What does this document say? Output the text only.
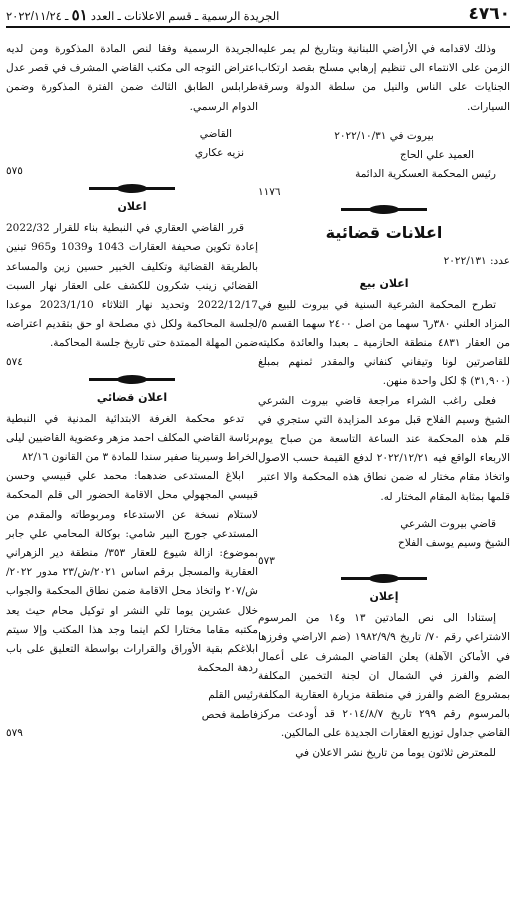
٤٧٦٠
الجريدة الرسمية ـ قسم الاعلانات ـ العدد ٥١ ـ ٢٠٢٢/١١/٢٤

وذلك لاقدامه في الأراضي اللبنانية وبتاريخ لم يمر عليه الزمن على الانتماء الى تنظيم إرهابي مسلح بقصد ارتكاب الجنايات على الناس والنيل من سلطة الدولة وسرقة السيارات.

بيروت في ٢٠٢٢/١٠/٣١

العميد علي الحاج

رئيس المحكمة العسكرية الدائمة

١١٧٦

اعلانات قضائية

عدد: ٢٠٢٢/١٣١

اعلان بيع

تطرح المحكمة الشرعية السنية في بيروت للبيع في المزاد العلني ٣٨٠ر٦ سهما من اصل ٢٤٠٠ سهما القسم ٥/ من العقار ٤٨٣١ منطقة الحازمية ـ بعبدا والعائدة مكليته للقاصرتين لونا وتيفاني كنفاني والمقدر ثمنهم بمبلغ (٣١,٩٠٠) $ لكل واحدة منهن.

فعلى راغب الشراء مراجعة قاضي بيروت الشرعي الشيخ وسيم الفلاح قبل موعد المزايدة التي ستجري في قلم هذه المحكمة عند الساعة التاسعة من صباح يوم الاربعاء الواقع فيه ٢٠٢٢/١٢/٢١ لدفع القيمة حسب الاصول واتخاذ مقام مختار له ضمن نطاق هذه المحكمة والا اعتبر قلمها بمثابة المقام المختار له.

قاضي بيروت الشرعي

الشيخ وسيم يوسف الفلاح

٥٧٣

إعلان

إستنادا الى نص المادتين ١٣ و١٤ من المرسوم الاشتراعي رقم ٧٠/ تاريخ ١٩٨٢/٩/٩ (ضم الاراضي وفرزها في الأماكن الآهلة) يعلن القاضي المشرف على أعمال الضم والفرز في الشمال ان لجنة التخمين المكلفة بمشروع الضم والفرز في منطقة مزيارة العقارية المكلفة بالمرسوم رقم ٢٩٩ تاريخ ٢٠١٤/٨/٧ قد أودعت مركز القاضي جداول توزيع العقارات الجديدة على المالكين.

للمعترض ثلاثون يوما من تاريخ نشر الاعلان في

الجريدة الرسمية وفقا لنص المادة المذكورة ومن لديه اعتراض التوجه الى مكتب القاضي المشرف في قصر عدل طرابلس الطابق الثالث ضمن الفترة المذكورة وضمن الدوام الرسمي.

القاضي

نزيه عكاري

٥٧٥

اعلان

قرر القاضي العقاري في النبطية بناء للقرار 2022/32 إعادة تكوين صحيفة العقارات 1043 و1039 و965 تبنين بالطريقة القضائية وتكليف الخبير حسين زين والمساعد القضائي زينب شكرون للكشف على العقار نهار السبت 2022/12/17 وتحديد نهار الثلاثاء 2023/1/10 موعدا لجلسة المحاكمة ولكل ذي مصلحة او حق بتقديم اعتراضه ضمن المهلة الممتدة حتى تاريخ جلسة المحاكمة.

٥٧٤

اعلان قضائي

تدعو محكمة الغرفة الابتدائية المدنية في النبطية برئاسة القاضي المكلف احمد مزهر وعضوية القاضيين ليلى الخراط وسيرينا صفير سندا للمادة ٣ من القانون ٨٢/١٦

ابلاغ المستدعى ضدهما: محمد علي قبيسي وحسن قبيسي المجهولي محل الاقامة الحضور الى قلم المحكمة لاستلام نسخة عن الاستدعاء ومربوطاته والمقدم من المستدعي جورج البير شامي: بوكالة المحامي علي جابر بموضوع: ازالة شيوع للعقار ٣٥٣/ منطقة دير الزهراني العقارية والمسجل برقم اساس ٢٠٢١/ش/٢٣ مدور ٢٠٢٢/ش/٢٠٧ واتخاذ محل الاقامة ضمن نطاق المحكمة والجواب خلال عشرين يوما تلي النشر او توكيل محام حيث يعد مكتبه مقاما مختارا لكم اينما وجد هذا المكتب وإلا سيتم ابلاغكم بقية الأوراق والقرارات بواسطة التعليق على باب ردهة المحكمة

رئيس القلم

فاطمة فحص

٥٧٩
